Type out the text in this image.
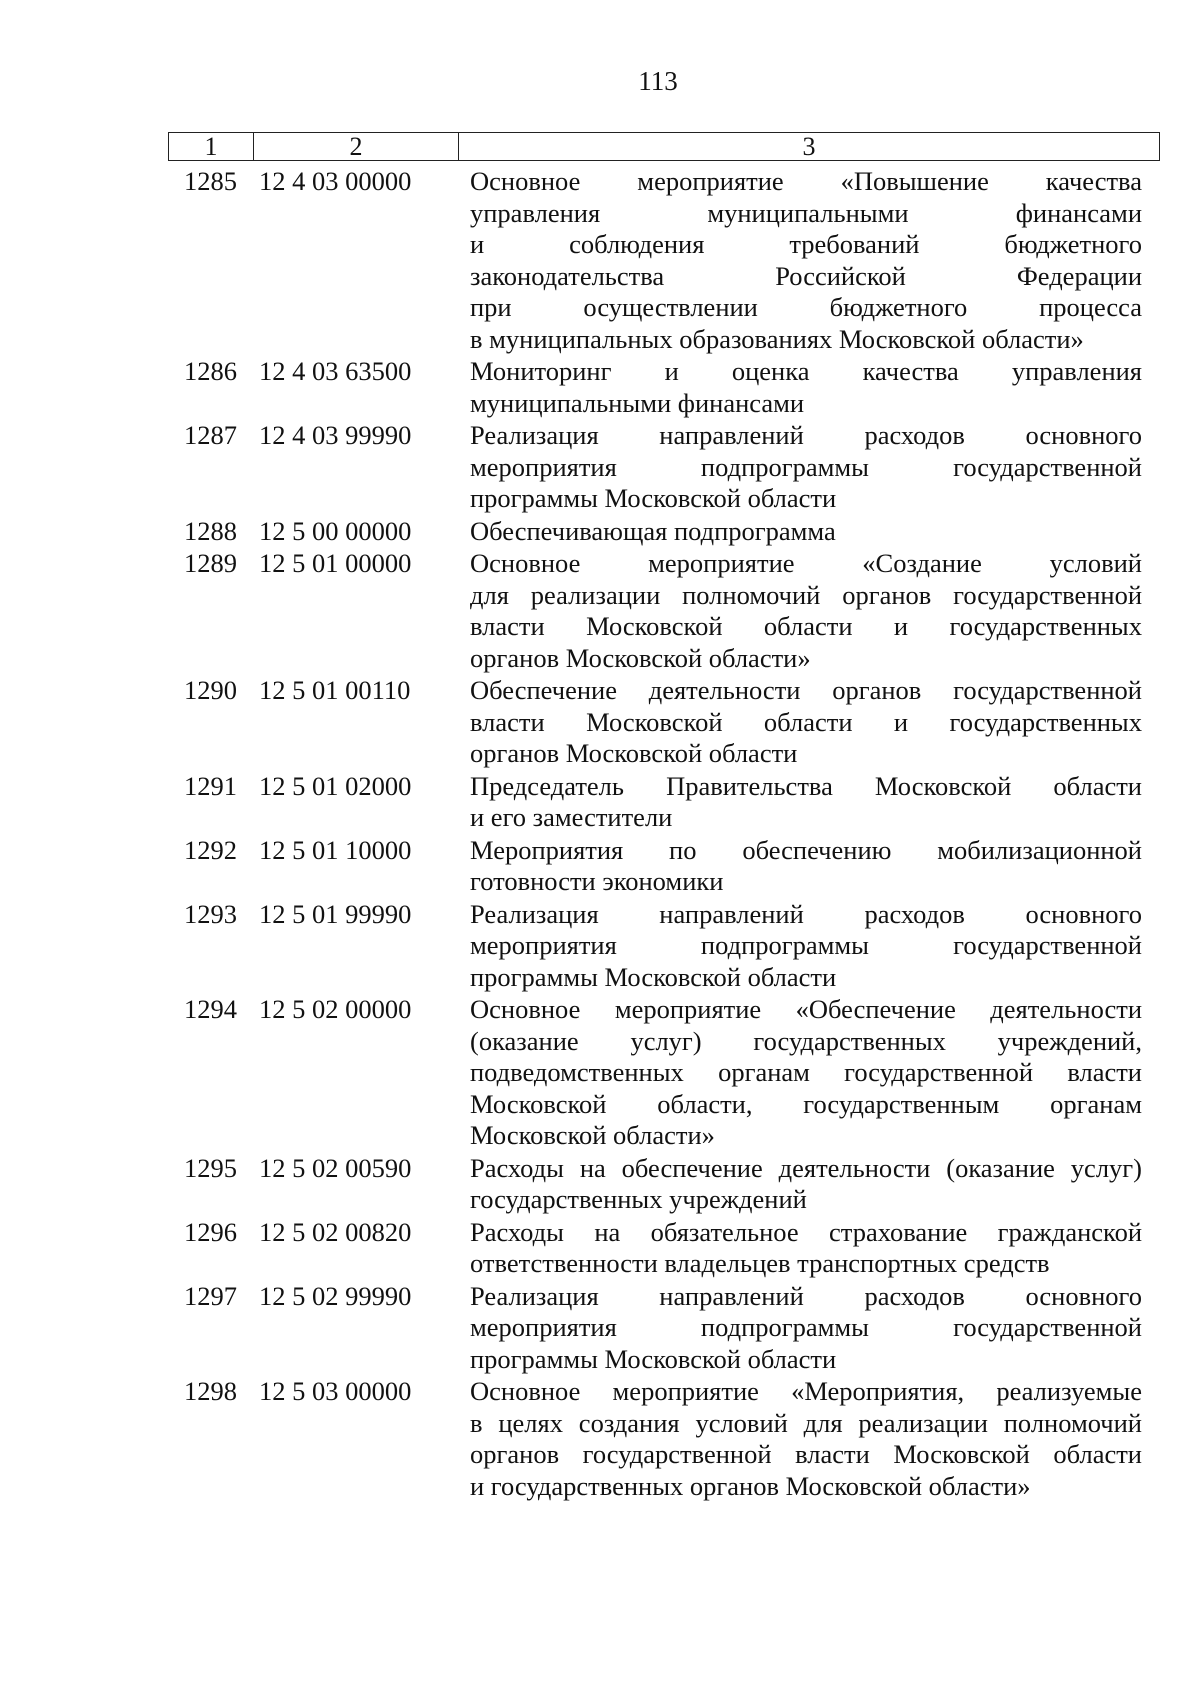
113
1	2	3
1285 12 4 03 00000	Основное мероприятие «Повышение качества
управления муниципальными финансами
и соблюдения требований бюджетного
законодательства Российской Федерации
при осуществлении бюджетного процесса
в муниципальных образованиях Московской области»
1286 12 4 03 63500	Мониторинг и оценка качества управления
муниципальными финансами
1287 12 4 03 99990	Реализация направлений расходов основного
мероприятия подпрограммы государственной
программы Московской области
1288 12 5 00 00000	Обеспечивающая подпрограмма
1289 12 5 01 00000	Основное мероприятие «Создание условий
для реализации полномочий органов государственной
власти Московской области и государственных
органов Московской области»
1290 12 5 01 00110	Обеспечение деятельности органов государственной
власти Московской области и государственных
органов Московской области
1291 12 5 01 02000	Председатель Правительства Московской области
и его заместители
1292 12 5 01 10000	Мероприятия по обеспечению мобилизационной
готовности экономики
1293 12 5 01 99990	Реализация направлений расходов основного
мероприятия подпрограммы государственной
программы Московской области
1294 12 5 02 00000	Основное мероприятие «Обеспечение деятельности
(оказание услуг) государственных учреждений,
подведомственных органам государственной власти
Московской области, государственным органам
Московской области»
1295 12 5 02 00590	Расходы на обеспечение деятельности (оказание услуг)
государственных учреждений
1296 12 5 02 00820	Расходы на обязательное страхование гражданской
ответственности владельцев транспортных средств
1297 12 5 02 99990	Реализация направлений расходов основного
мероприятия подпрограммы государственной
программы Московской области
1298 12 5 03 00000	Основное мероприятие «Мероприятия, реализуемые
в целях создания условий для реализации полномочий
органов государственной власти Московской области
и государственных органов Московской области»
